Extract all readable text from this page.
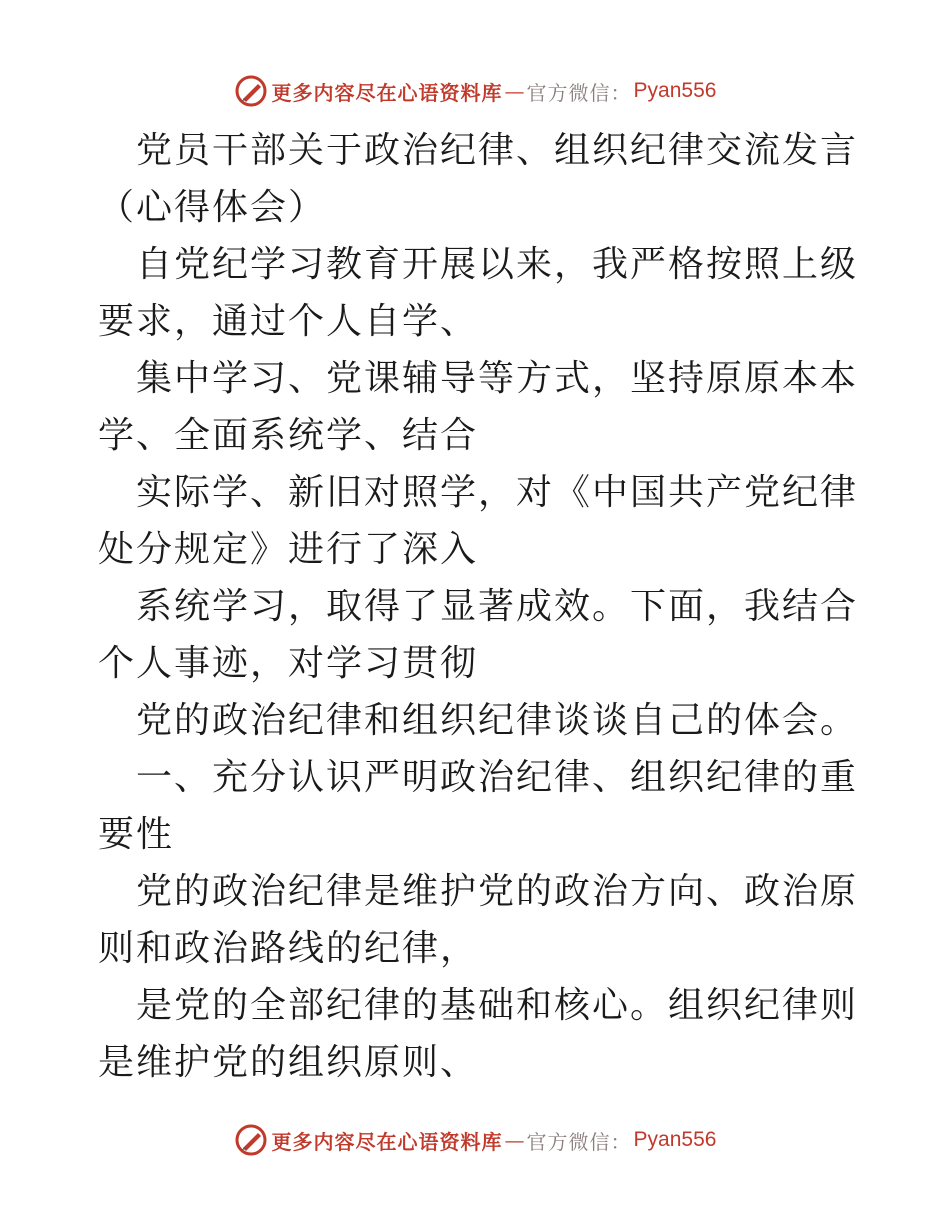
更多内容尽在心语资料库 — 官方微信： Pyan556

党员干部关于政治纪律、组织纪律交流发言（心得体会）

自党纪学习教育开展以来，我严格按照上级要求，通过个人自学、

集中学习、党课辅导等方式，坚持原原本本学、全面系统学、结合

实际学、新旧对照学，对《中国共产党纪律处分规定》进行了深入

系统学习，取得了显著成效。下面，我结合个人事迹，对学习贯彻

党的政治纪律和组织纪律谈谈自己的体会。

一、充分认识严明政治纪律、组织纪律的重要性

党的政治纪律是维护党的政治方向、政治原则和政治路线的纪律，

是党的全部纪律的基础和核心。组织纪律则是维护党的组织原则、

更多内容尽在心语资料库 — 官方微信： Pyan556
